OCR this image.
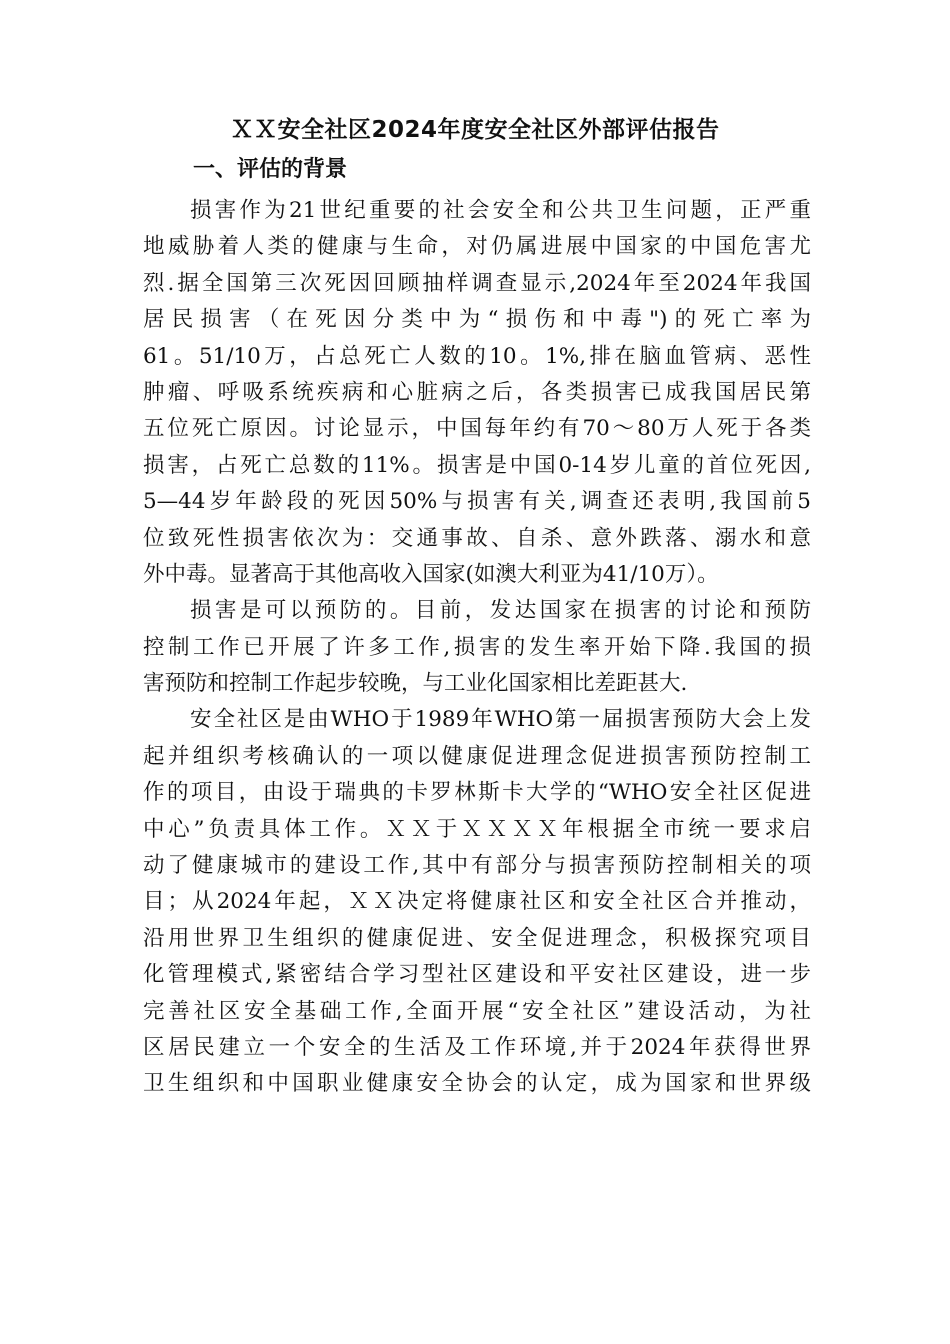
ＸＸ安全社区2024年度安全社区外部评估报告
一、评估的背景
损害作为21世纪重要的社会安全和公共卫生问题，正严重
地威胁着人类的健康与生命，对仍属进展中国家的中国危害尤
烈.据全国第三次死因回顾抽样调查显示,2024年至2024年我国
居民损害（在死因分类中为“损伤和中毒")的死亡率为
61。51/10万，占总死亡人数的10。1%,排在脑血管病、恶性
肿瘤、呼吸系统疾病和心脏病之后，各类损害已成我国居民第
五位死亡原因。讨论显示，中国每年约有70～80万人死于各类
损害，占死亡总数的11%。损害是中国0-14岁儿童的首位死因,
5—44岁年龄段的死因50%与损害有关,调查还表明,我国前5
位致死性损害依次为：交通事故、自杀、意外跌落、溺水和意
外中毒。显著高于其他高收入国家(如澳大利亚为41/10万）。
损害是可以预防的。目前，发达国家在损害的讨论和预防
控制工作已开展了许多工作,损害的发生率开始下降.我国的损
害预防和控制工作起步较晚，与工业化国家相比差距甚大.
安全社区是由WHO于1989年WHO第一届损害预防大会上发
起并组织考核确认的一项以健康促进理念促进损害预防控制工
作的项目，由设于瑞典的卡罗林斯卡大学的“WHO安全社区促进
中心”负责具体工作。ＸＸ于ＸＸＸＸ年根据全市统一要求启
动了健康城市的建设工作,其中有部分与损害预防控制相关的项
目；从2024年起，ＸＸ决定将健康社区和安全社区合并推动，
沿用世界卫生组织的健康促进、安全促进理念，积极探究项目
化管理模式,紧密结合学习型社区建设和平安社区建设，进一步
完善社区安全基础工作,全面开展“安全社区”建设活动，为社
区居民建立一个安全的生活及工作环境,并于2024年获得世界
卫生组织和中国职业健康安全协会的认定，成为国家和世界级
